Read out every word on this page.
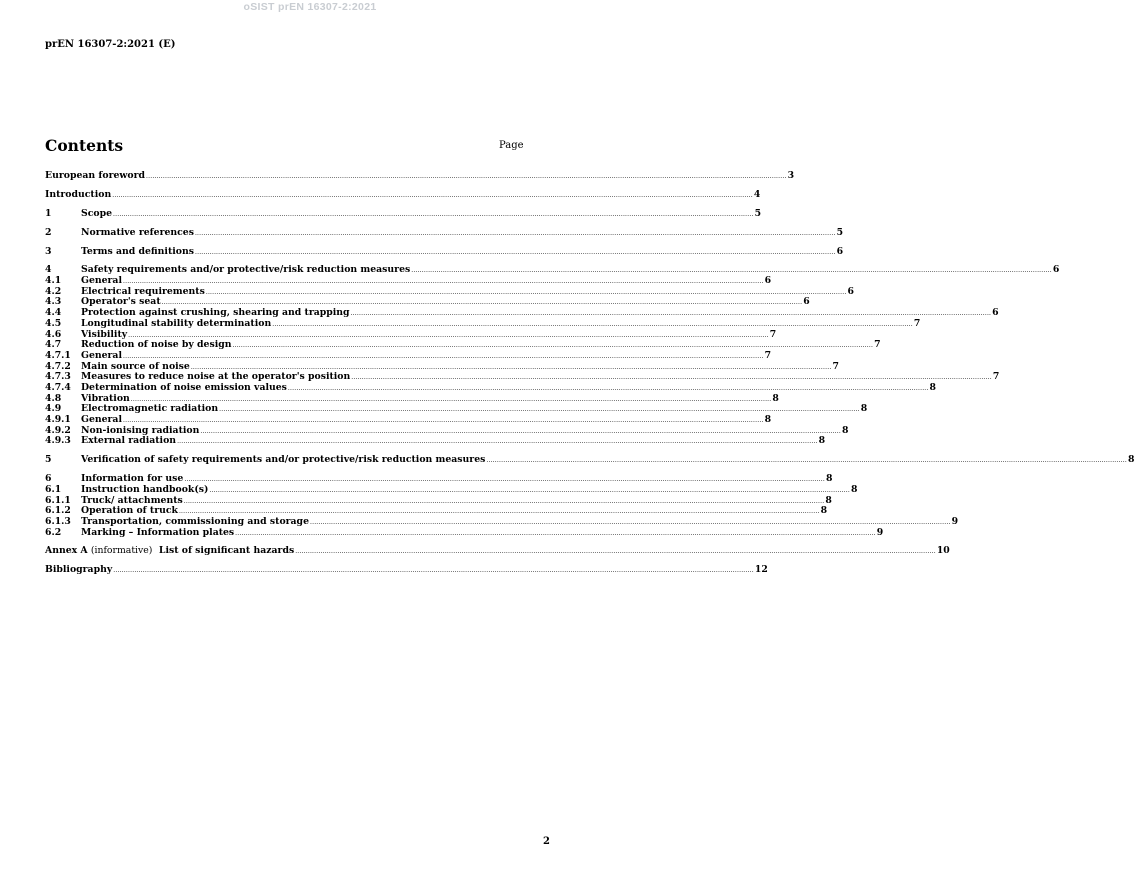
oSIST prEN 16307-2:2021
prEN 16307-2:2021 (E)
Contents	Page
European foreword .....	3
Introduction .....	4
1	Scope .....	5
2	Normative references .....	5
3	Terms and definitions .....	6
4	Safety requirements and/or protective/risk reduction measures .....	6
4.1	General .....	6
4.2	Electrical requirements .....	6
4.3	Operator's seat .....	6
4.4	Protection against crushing, shearing and trapping .....	6
4.5	Longitudinal stability determination .....	7
4.6	Visibility .....	7
4.7	Reduction of noise by design .....	7
4.7.1	General .....	7
4.7.2	Main source of noise .....	7
4.7.3	Measures to reduce noise at the operator's position .....	7
4.7.4	Determination of noise emission values .....	8
4.8	Vibration .....	8
4.9	Electromagnetic radiation .....	8
4.9.1	General .....	8
4.9.2	Non-ionising radiation .....	8
4.9.3	External radiation .....	8
5	Verification of safety requirements and/or protective/risk reduction measures .....	8
6	Information for use .....	8
6.1	Instruction handbook(s) .....	8
6.1.1	Truck/ attachments .....	8
6.1.2	Operation of truck .....	8
6.1.3	Transportation, commissioning and storage .....	9
6.2	Marking – Information plates .....	9
Annex A (informative) List of significant hazards .....	10
Bibliography .....	12
2
